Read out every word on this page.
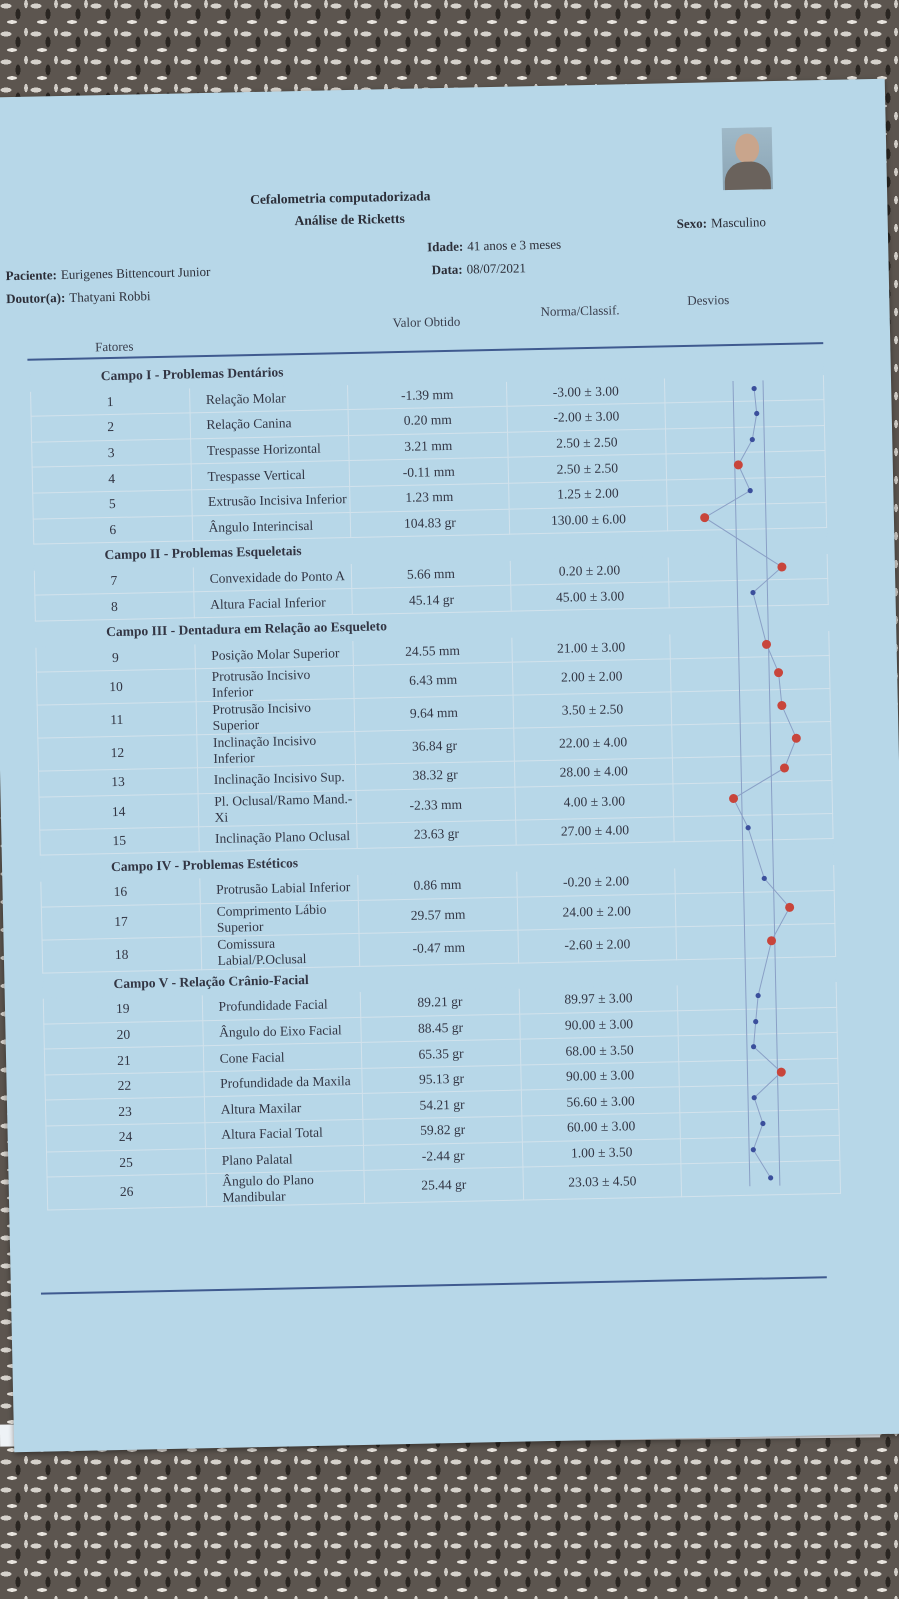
Cefalometria computadorizada
Análise de Ricketts
Paciente: Eurigenes Bittencourt Junior
Doutor(a): Thatyani Robbi
Idade: 41 anos e 3 meses
Data: 08/07/2021
Sexo: Masculino
Fatores
Valor Obtido
Norma/Classif.
Desvios
Campo I - Problemas Dentários				
1	Relação Molar	-1.39 mm	-3.00 ± 3.00	
2	Relação Canina	0.20 mm	-2.00 ± 3.00	
3	Trespasse Horizontal	3.21 mm	2.50 ± 2.50	
4	Trespasse Vertical	-0.11 mm	2.50 ± 2.50	
5	Extrusão Incisiva Inferior	1.23 mm	1.25 ± 2.00	
6	Ângulo Interincisal	104.83 gr	130.00 ± 6.00	
Campo II - Problemas Esqueletais				
7	Convexidade do Ponto A	5.66 mm	0.20 ± 2.00	
8	Altura Facial Inferior	45.14 gr	45.00 ± 3.00	
Campo III - Dentadura em Relação ao Esqueleto				
9	Posição Molar Superior	24.55 mm	21.00 ± 3.00	
10	Protrusão Incisivo Inferior	6.43 mm	2.00 ± 2.00	
11	Protrusão Incisivo Superior	9.64 mm	3.50 ± 2.50	
12	Inclinação Incisivo Inferior	36.84 gr	22.00 ± 4.00	
13	Inclinação Incisivo Sup.	38.32 gr	28.00 ± 4.00	
14	Pl. Oclusal/Ramo Mand.- Xi	-2.33 mm	4.00 ± 3.00	
15	Inclinação Plano Oclusal	23.63 gr	27.00 ± 4.00	
Campo IV - Problemas Estéticos				
16	Protrusão Labial Inferior	0.86 mm	-0.20 ± 2.00	
17	Comprimento Lábio Superior	29.57 mm	24.00 ± 2.00	
18	Comissura Labial/P.Oclusal	-0.47 mm	-2.60 ± 2.00	
Campo V - Relação Crânio-Facial				
19	Profundidade Facial	89.21 gr	89.97 ± 3.00	
20	Ângulo do Eixo Facial	88.45 gr	90.00 ± 3.00	
21	Cone Facial	65.35 gr	68.00 ± 3.50	
22	Profundidade da Maxila	95.13 gr	90.00 ± 3.00	
23	Altura Maxilar	54.21 gr	56.60 ± 3.00	
24	Altura Facial Total	59.82 gr	60.00 ± 3.00	
25	Plano Palatal	-2.44 gr	1.00 ± 3.50	
26	Ângulo do Plano Mandibular	25.44 gr	23.03 ± 4.50	
